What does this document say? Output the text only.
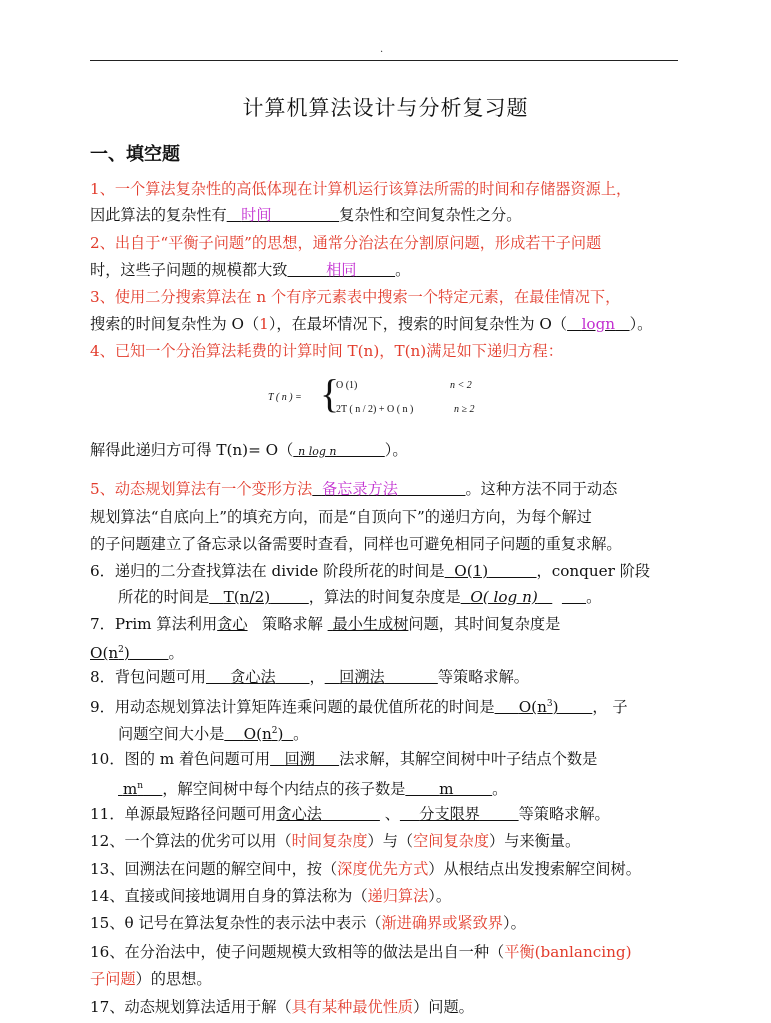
.
计算机算法设计与分析复习题
一、填空题
1、一个算法复杂性的高低体现在计算机运行该算法所需的时间和存储器资源上，
因此算法的复杂性有 时间	复杂性和空间复杂性之分。
2、出自于“平衡子问题”的思想，通常分治法在分割原问题，形成若干子问题
时，这些子问题的规模都大致	相同	。
3、使用二分搜索算法在 n 个有序元素表中搜索一个特定元素，在最佳情况下，
搜索的时间复杂性为 O（1），在最坏情况下，搜索的时间复杂性为 O（ logn ）。
4、已知一个分治算法耗费的计算时间 T(n)，T(n)满足如下递归方程：
T ( n ) = {
O (1)	n < 2
2T ( n / 2) + O ( n )	n ≥ 2
解得此递归方可得 T(n)= O（ n log n	）。
5、动态规划算法有一个变形方法 备忘录方法	。这种方法不同于动态
规划算法“自底向上”的填充方向，而是“自顶向下”的递归方向，为每个解过
的子问题建立了备忘录以备需要时查看，同样也可避免相同子问题的重复求解。
6．递归的二分查找算法在 divide 阶段所花的时间是 O(1)	，conquer 阶段
所花的时间是 T(n/2)	，算法的时间复杂度是 O( log n)	。
7．Prim 算法利用贪心 策略求解 最小生成树问题，其时间复杂度是
$O(n^2)$	。
8．背包问题可用 贪心法 ， 回溯法	等策略求解。
9．用动态规划算法计算矩阵连乘问题的最优值所花的时间是 $O(n^3)$ ， 子
问题空间大小是 $O(n^2)$ 。
10．图的 m 着色问题可用 回溯 法求解，其解空间树中叶子结点个数是
$m^n$ ，解空间树中每个内结点的孩子数是 m	。
11．单源最短路径问题可用贪心法	、 分支限界	等策略求解。
12、一个算法的优劣可以用（时间复杂度）与（空间复杂度）与来衡量。
13、回溯法在问题的解空间中，按（深度优先方式）从根结点出发搜索解空间树。
14、直接或间接地调用自身的算法称为（递归算法）。
15、θ 记号在算法复杂性的表示法中表示（渐进确界或紧致界）。
16、在分治法中，使子问题规模大致相等的做法是出自一种（平衡(banlancing)
子问题）的思想。
17、动态规划算法适用于解（具有某种最优性质）问题。
